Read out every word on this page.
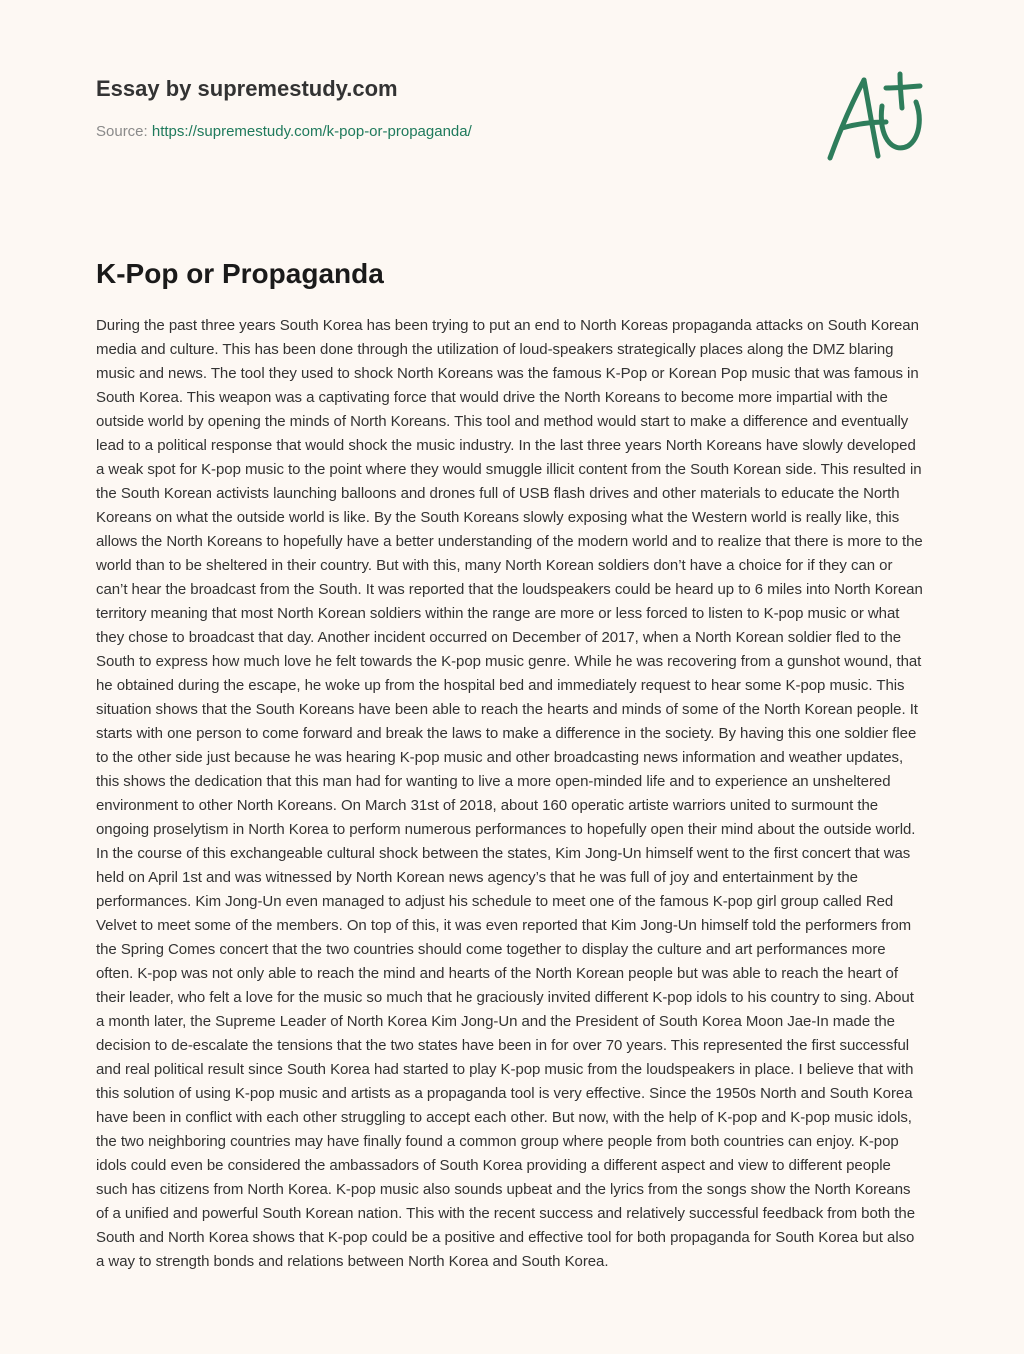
Essay by supremestudy.com
Source: https://supremestudy.com/k-pop-or-propaganda/
K-Pop or Propaganda

During the past three years South Korea has been trying to put an end to North Koreas propaganda attacks on South Korean media and culture. This has been done through the utilization of loud-speakers strategically places along the DMZ blaring music and news. The tool they used to shock North Koreans was the famous K-Pop or Korean Pop music that was famous in South Korea. This weapon was a captivating force that would drive the North Koreans to become more impartial with the outside world by opening the minds of North Koreans. This tool and method would start to make a difference and eventually lead to a political response that would shock the music industry. In the last three years North Koreans have slowly developed a weak spot for K-pop music to the point where they would smuggle illicit content from the South Korean side. This resulted in the South Korean activists launching balloons and drones full of USB flash drives and other materials to educate the North Koreans on what the outside world is like. By the South Koreans slowly exposing what the Western world is really like, this allows the North Koreans to hopefully have a better understanding of the modern world and to realize that there is more to the world than to be sheltered in their country. But with this, many North Korean soldiers don’t have a choice for if they can or can’t hear the broadcast from the South. It was reported that the loudspeakers could be heard up to 6 miles into North Korean territory meaning that most North Korean soldiers within the range are more or less forced to listen to K-pop music or what they chose to broadcast that day. Another incident occurred on December of 2017, when a North Korean soldier fled to the South to express how much love he felt towards the K-pop music genre. While he was recovering from a gunshot wound, that he obtained during the escape, he woke up from the hospital bed and immediately request to hear some K-pop music. This situation shows that the South Koreans have been able to reach the hearts and minds of some of the North Korean people. It starts with one person to come forward and break the laws to make a difference in the society. By having this one soldier flee to the other side just because he was hearing K-pop music and other broadcasting news information and weather updates, this shows the dedication that this man had for wanting to live a more open-minded life and to experience an unsheltered environment to other North Koreans. On March 31st of 2018, about 160 operatic artiste warriors united to surmount the ongoing proselytism in North Korea to perform numerous performances to hopefully open their mind about the outside world. In the course of this exchangeable cultural shock between the states, Kim Jong-Un himself went to the first concert that was held on April 1st and was witnessed by North Korean news agency’s that he was full of joy and entertainment by the performances. Kim Jong-Un even managed to adjust his schedule to meet one of the famous K-pop girl group called Red Velvet to meet some of the members. On top of this, it was even reported that Kim Jong-Un himself told the performers from the Spring Comes concert that the two countries should come together to display the culture and art performances more often. K-pop was not only able to reach the mind and hearts of the North Korean people but was able to reach the heart of their leader, who felt a love for the music so much that he graciously invited different K-pop idols to his country to sing. About a month later, the Supreme Leader of North Korea Kim Jong-Un and the President of South Korea Moon Jae-In made the decision to de-escalate the tensions that the two states have been in for over 70 years. This represented the first successful and real political result since South Korea had started to play K-pop music from the loudspeakers in place. I believe that with this solution of using K-pop music and artists as a propaganda tool is very effective. Since the 1950s North and South Korea have been in conflict with each other struggling to accept each other. But now, with the help of K-pop and K-pop music idols, the two neighboring countries may have finally found a common group where people from both countries can enjoy. K-pop idols could even be considered the ambassadors of South Korea providing a different aspect and view to different people such has citizens from North Korea. K-pop music also sounds upbeat and the lyrics from the songs show the North Koreans of a unified and powerful South Korean nation. This with the recent success and relatively successful feedback from both the South and North Korea shows that K-pop could be a positive and effective tool for both propaganda for South Korea but also a way to strength bonds and relations between North Korea and South Korea.
